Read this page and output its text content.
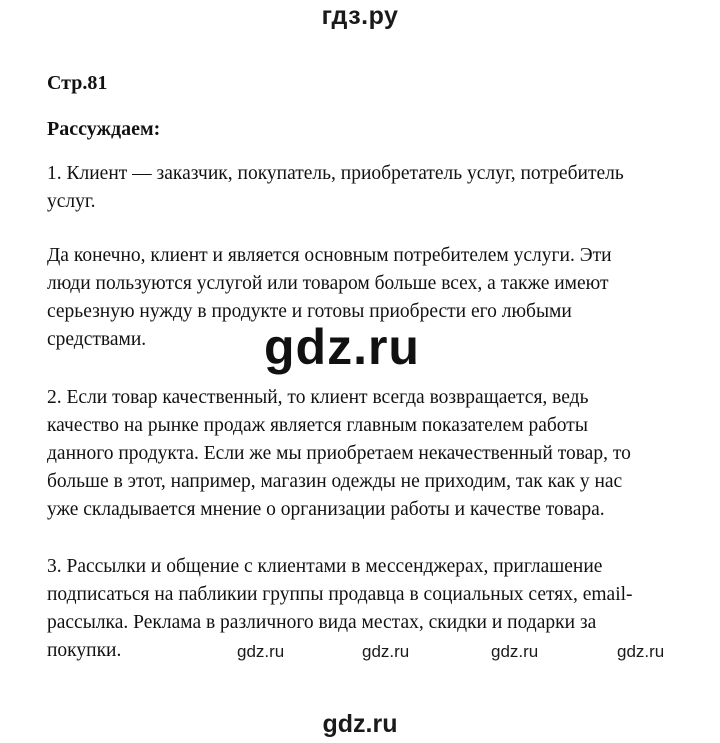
гдз.ру
Стр.81
Рассуждаем:

1. Клиент — заказчик, покупатель, приобретатель услуг, потребитель
услуг.

Да конечно, клиент и является основным потребителем услуги. Эти
люди пользуются услугой или товаром больше всех, а также имеют
серьезную нужду в продукте и готовы приобрести его любыми
средствами.

2. Если товар качественный, то клиент всегда возвращается, ведь
качество на рынке продаж является главным показателем работы
данного продукта. Если же мы приобретаем некачественный товар, то
больше в этот, например, магазин одежды не приходим, так как у нас
уже складывается мнение о организации работы и качестве товара.

3. Рассылки и общение с клиентами в мессенджерах, приглашение
подписаться на пабликии группы продавца в социальных сетях, email-
рассылка. Реклама в различного вида местах, скидки и подарки за
покупки.

gdz.ru
gdz.ru	gdz.ru	gdz.ru	gdz.ru
gdz.ru
